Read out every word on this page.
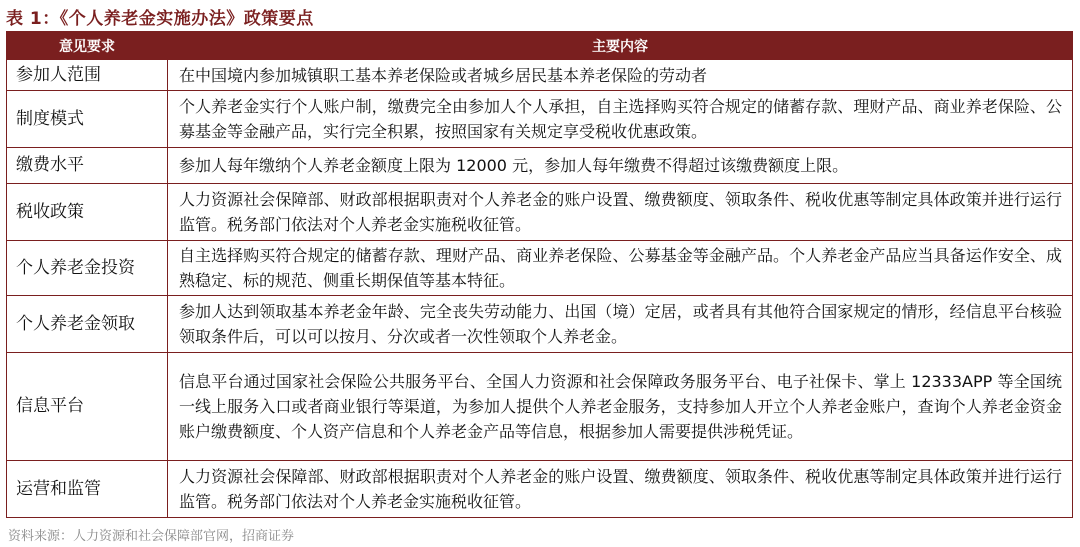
表 1：《个人养老金实施办法》政策要点
意见要求	主要内容
参加人范围	在中国境内参加城镇职工基本养老保险或者城乡居民基本养老保险的劳动者
制度模式	个人养老金实行个人账户制，缴费完全由参加人个人承担，自主选择购买符合规定的储蓄存款、理财产品、商业养老保险、公募基金等金融产品，实行完全积累，按照国家有关规定享受税收优惠政策。
缴费水平	参加人每年缴纳个人养老金额度上限为 12000 元，参加人每年缴费不得超过该缴费额度上限。
税收政策	人力资源社会保障部、财政部根据职责对个人养老金的账户设置、缴费额度、领取条件、税收优惠等制定具体政策并进行运行监管。税务部门依法对个人养老金实施税收征管。
个人养老金投资	自主选择购买符合规定的储蓄存款、理财产品、商业养老保险、公募基金等金融产品。个人养老金产品应当具备运作安全、成熟稳定、标的规范、侧重长期保值等基本特征。
个人养老金领取	参加人达到领取基本养老金年龄、完全丧失劳动能力、出国（境）定居，或者具有其他符合国家规定的情形，经信息平台核验领取条件后，可以可以按月、分次或者一次性领取个人养老金。
信息平台	信息平台通过国家社会保险公共服务平台、全国人力资源和社会保障政务服务平台、电子社保卡、掌上 12333APP 等全国统一线上服务入口或者商业银行等渠道，为参加人提供个人养老金服务，支持参加人开立个人养老金账户，查询个人养老金资金账户缴费额度、个人资产信息和个人养老金产品等信息，根据参加人需要提供涉税凭证。
运营和监管	人力资源社会保障部、财政部根据职责对个人养老金的账户设置、缴费额度、领取条件、税收优惠等制定具体政策并进行运行监管。税务部门依法对个人养老金实施税收征管。
资料来源：人力资源和社会保障部官网，招商证券
